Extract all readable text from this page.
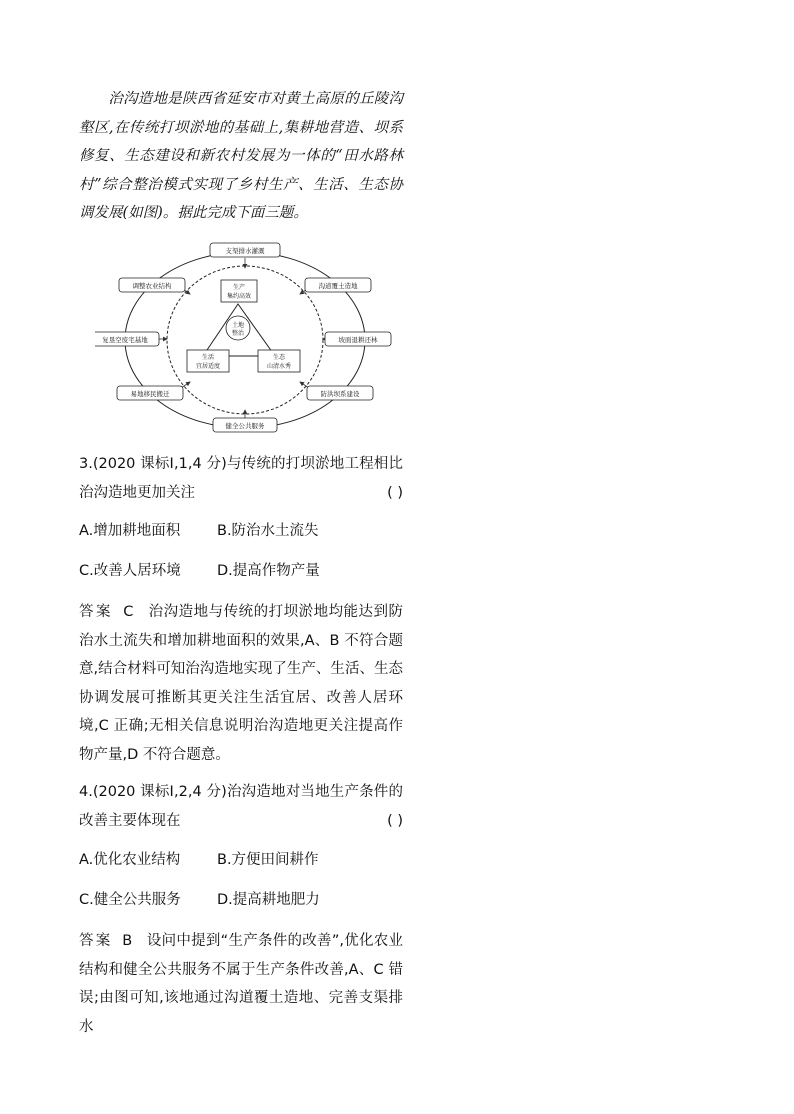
治沟造地是陕西省延安市对黄土高原的丘陵沟壑区,在传统打坝淤地的基础上,集耕地营造、坝系修复、生态建设和新农村发展为一体的“田水路林村”综合整治模式实现了乡村生产、生活、生态协调发展(如图)。据此完成下面三题。
土地
整治
生产
集约高效
生活
宜居适度
生态
山清水秀
支渠排水灌溉
沟道覆土造地
坡面退耕还林
防洪坝系建设
健全公共服务
易地移民搬迁
复垦空废宅基地
调整农业结构
3.(2020 课标Ⅰ,1,4 分)与传统的打坝淤地工程相比治沟造地更加关注	( )
A.增加耕地面积	B.防治水土流失
C.改善人居环境	D.提高作物产量
答案 C 治沟造地与传统的打坝淤地均能达到防治水土流失和增加耕地面积的效果,A、B 不符合题意,结合材料可知治沟造地实现了生产、生活、生态协调发展可推断其更关注生活宜居、改善人居环境,C 正确;无相关信息说明治沟造地更关注提高作物产量,D 不符合题意。
4.(2020 课标Ⅰ,2,4 分)治沟造地对当地生产条件的改善主要体现在	( )
A.优化农业结构	B.方便田间耕作
C.健全公共服务	D.提高耕地肥力
答案 B 设问中提到“生产条件的改善”,优化农业结构和健全公共服务不属于生产条件改善,A、C 错误;由图可知,该地通过沟道覆土造地、完善支渠排水
